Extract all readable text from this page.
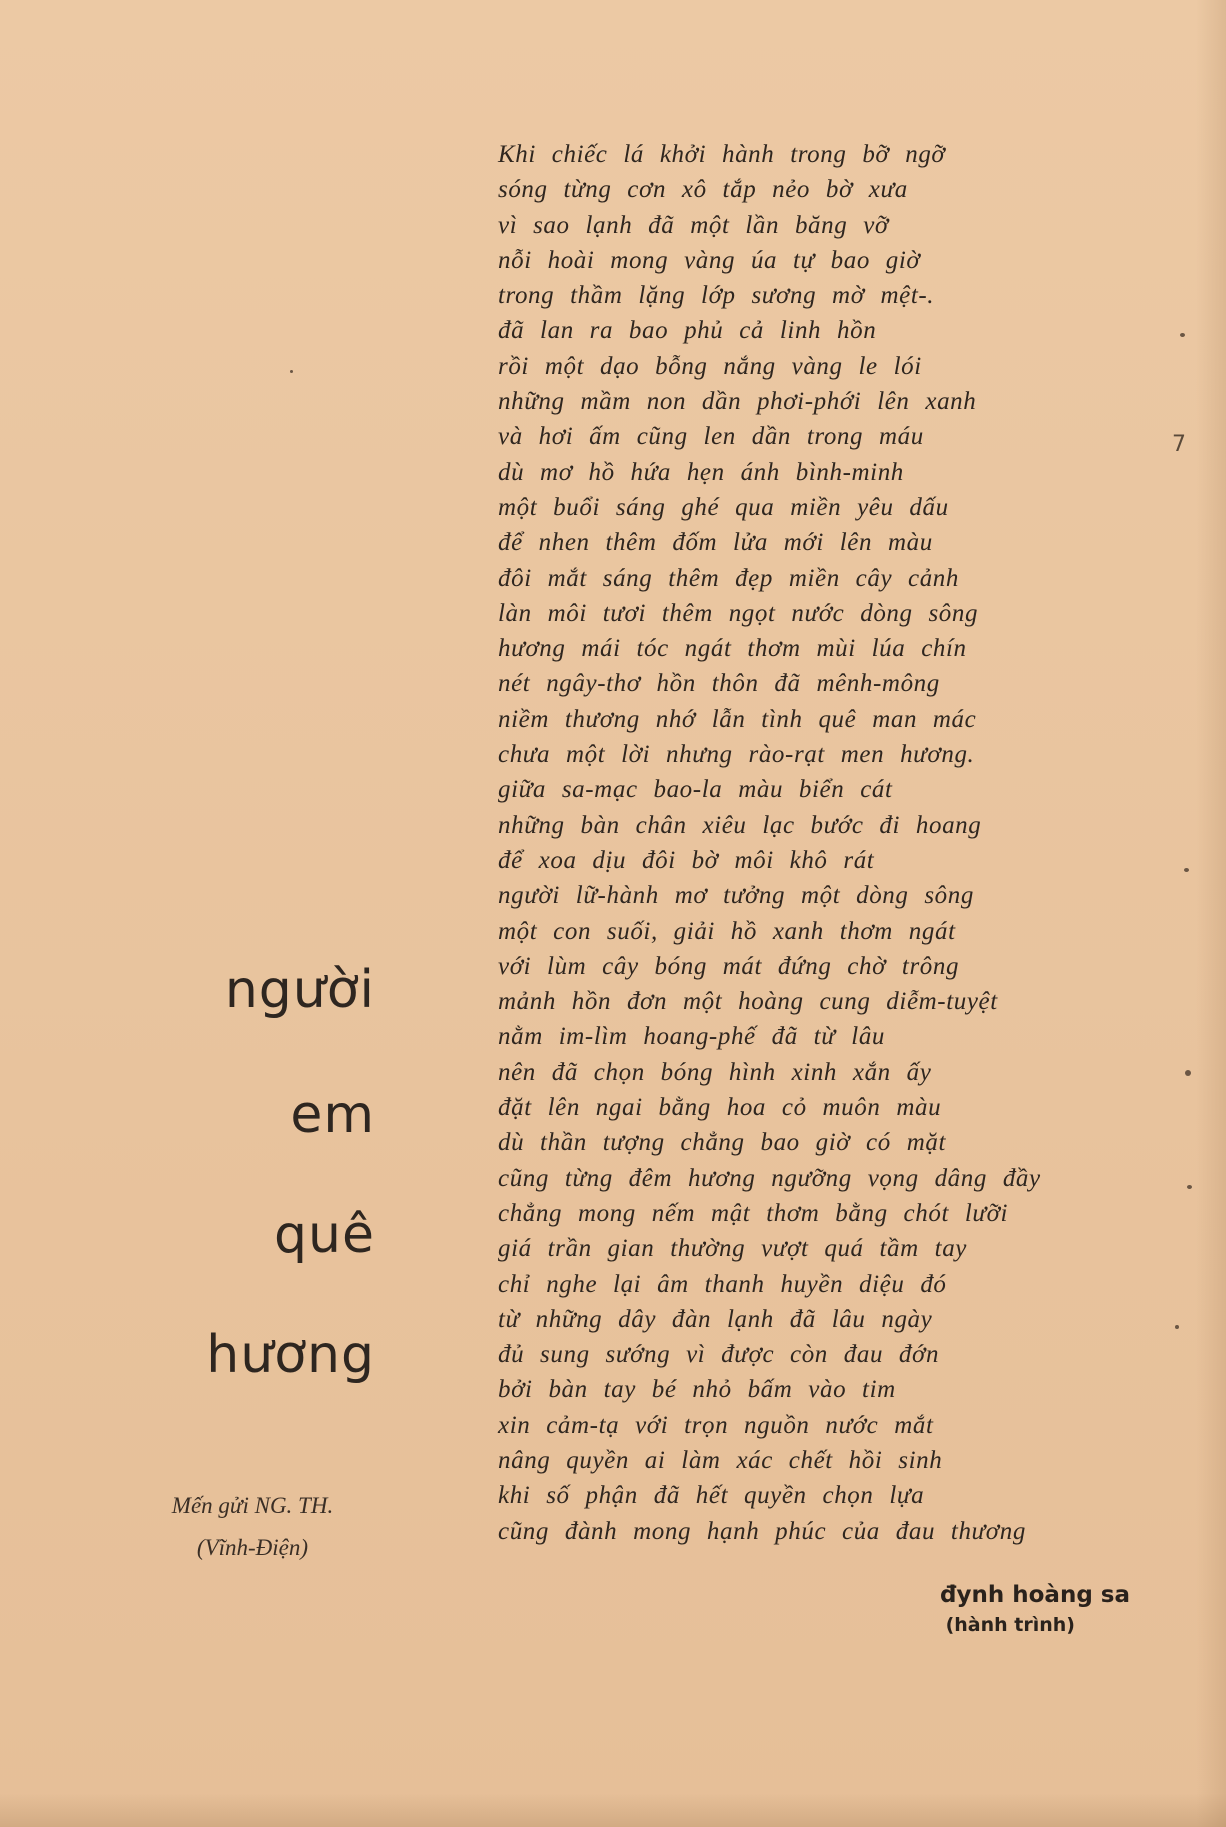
người
em
quê
hương
Mến gửi NG. TH.
(Vĩnh-Điện)
Khi chiếc lá khởi hành trong bỡ ngỡ
sóng từng cơn xô tắp nẻo bờ xưa
vì sao lạnh đã một lần băng vỡ
nỗi hoài mong vàng úa tự bao giờ
trong thầm lặng lớp sương mờ mệt-.
đã lan ra bao phủ cả linh hồn
rồi một dạo bỗng nắng vàng le lói
những mầm non dần phơi-phới lên xanh
và hơi ấm cũng len dần trong máu
dù mơ hồ hứa hẹn ánh bình-minh
một buổi sáng ghé qua miền yêu dấu
để nhen thêm đốm lửa mới lên màu
đôi mắt sáng thêm đẹp miền cây cảnh
làn môi tươi thêm ngọt nước dòng sông
hương mái tóc ngát thơm mùi lúa chín
nét ngây-thơ hồn thôn đã mênh-mông
niềm thương nhớ lẫn tình quê man mác
chưa một lời nhưng rào-rạt men hương.
giữa sa-mạc bao-la màu biển cát
những bàn chân xiêu lạc bước đi hoang
để xoa dịu đôi bờ môi khô rát
người lữ-hành mơ tưởng một dòng sông
một con suối, giải hồ xanh thơm ngát
với lùm cây bóng mát đứng chờ trông
mảnh hồn đơn một hoàng cung diễm-tuyệt
nằm im-lìm hoang-phế đã từ lâu
nên đã chọn bóng hình xinh xắn ấy
đặt lên ngai bằng hoa cỏ muôn màu
dù thần tượng chẳng bao giờ có mặt
cũng từng đêm hương ngưỡng vọng dâng đầy
chẳng mong nếm mật thơm bằng chót lưỡi
giá trần gian thường vượt quá tầm tay
chỉ nghe lại âm thanh huyền diệu đó
từ những dây đàn lạnh đã lâu ngày
đủ sung sướng vì được còn đau đớn
bởi bàn tay bé nhỏ bấm vào tim
xin cảm-tạ với trọn nguồn nước mắt
nâng quyền ai làm xác chết hồi sinh
khi số phận đã hết quyền chọn lựa
cũng đành mong hạnh phúc của đau thương
đynh hoàng sa
(hành trình)
7
